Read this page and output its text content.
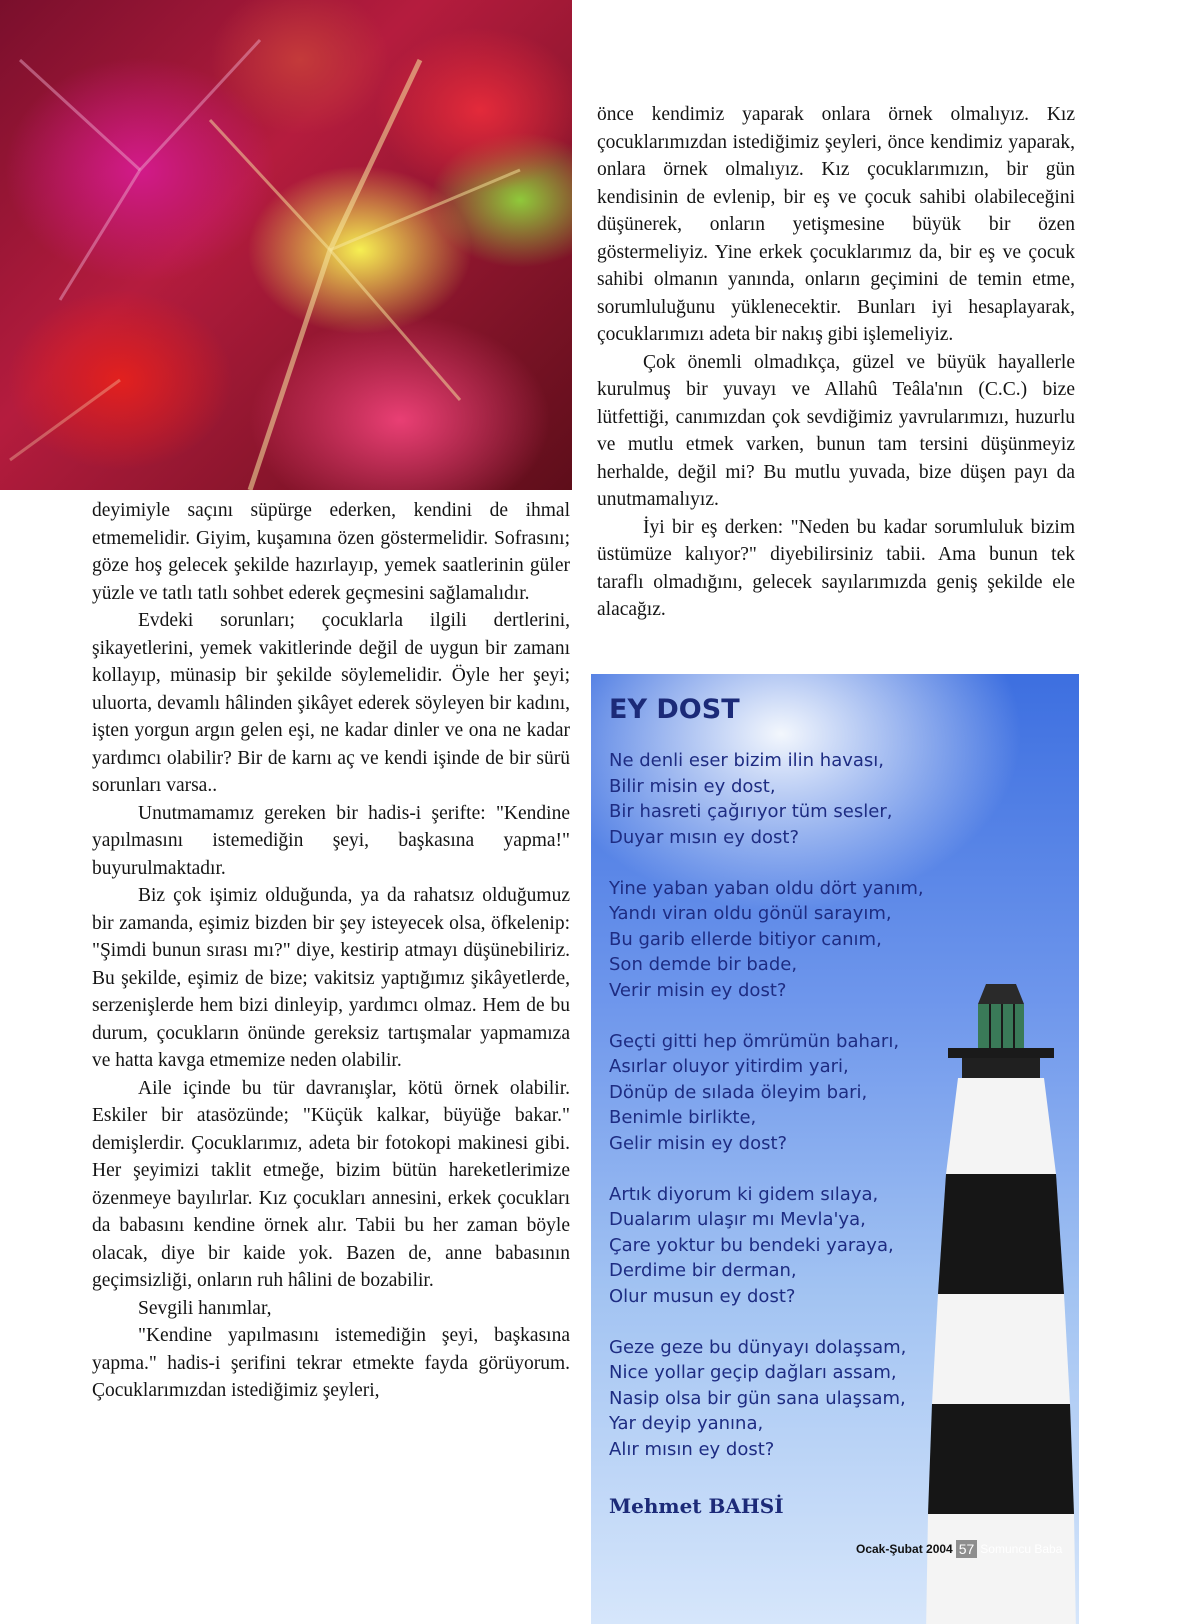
deyimiyle saçını süpürge ederken, kendini de ihmal etmemelidir. Giyim, kuşamına özen göstermelidir. Sofrasını; göze hoş gelecek şekilde hazırlayıp, yemek saatlerinin güler yüzle ve tatlı tatlı sohbet ederek geçmesini sağlamalıdır.

Evdeki sorunları; çocuklarla ilgili dertlerini, şikayetlerini, yemek vakitlerinde değil de uygun bir zamanı kollayıp, münasip bir şekilde söylemelidir. Öyle her şeyi; uluorta, devamlı hâlinden şikâyet ederek söyleyen bir kadını, işten yorgun argın gelen eşi, ne kadar dinler ve ona ne kadar yardımcı olabilir? Bir de karnı aç ve kendi işinde de bir sürü sorunları varsa..

Unutmamamız gereken bir hadis-i şerifte: "Kendine yapılmasını istemediğin şeyi, başkasına yapma!" buyurulmaktadır.

Biz çok işimiz olduğunda, ya da rahatsız olduğumuz bir zamanda, eşimiz bizden bir şey isteyecek olsa, öfkelenip: "Şimdi bunun sırası mı?" diye, kestirip atmayı düşünebiliriz. Bu şekilde, eşimiz de bize; vakitsiz yaptığımız şikâyetlerde, serzenişlerde hem bizi dinleyip, yardımcı olmaz. Hem de bu durum, çocukların önünde gereksiz tartışmalar yapmamıza ve hatta kavga etmemize neden olabilir.

Aile içinde bu tür davranışlar, kötü örnek olabilir. Eskiler bir atasözünde; "Küçük kalkar, büyüğe bakar." demişlerdir. Çocuklarımız, adeta bir fotokopi makinesi gibi. Her şeyimizi taklit etmeğe, bizim bütün hareketlerimize özenmeye bayılırlar. Kız çocukları annesini, erkek çocukları da babasını kendine örnek alır. Tabii bu her zaman böyle olacak, diye bir kaide yok. Bazen de, anne babasının geçimsizliği, onların ruh hâlini de bozabilir.

Sevgili hanımlar,

"Kendine yapılmasını istemediğin şeyi, başkasına yapma." hadis-i şerifini tekrar etmekte fayda görüyorum. Çocuklarımızdan istediğimiz şeyleri,

önce kendimiz yaparak onlara örnek olmalıyız. Kız çocuklarımızdan istediğimiz şeyleri, önce kendimiz yaparak, onlara örnek olmalıyız. Kız çocuklarımızın, bir gün kendisinin de evlenip, bir eş ve çocuk sahibi olabileceğini düşünerek, onların yetişmesine büyük bir özen göstermeliyiz. Yine erkek çocuklarımız da, bir eş ve çocuk sahibi olmanın yanında, onların geçimini de temin etme, sorumluluğunu yüklenecektir. Bunları iyi hesaplayarak, çocuklarımızı adeta bir nakış gibi işlemeliyiz.

Çok önemli olmadıkça, güzel ve büyük hayallerle kurulmuş bir yuvayı ve Allahû Teâla'nın (C.C.) bize lütfettiği, canımızdan çok sevdiğimiz yavrularımızı, huzurlu ve mutlu etmek varken, bunun tam tersini düşünmeyiz herhalde, değil mi? Bu mutlu yuvada, bize düşen payı da unutmamalıyız.

İyi bir eş derken: "Neden bu kadar sorumluluk bizim üstümüze kalıyor?" diyebilirsiniz tabii. Ama bunun tek taraflı olmadığını, gelecek sayılarımızda geniş şekilde ele alacağız.

EY DOST
Ne denli eser bizim ilin havası,
Bilir misin ey dost,
Bir hasreti çağırıyor tüm sesler,
Duyar mısın ey dost?
Yine yaban yaban oldu dört yanım,
Yandı viran oldu gönül sarayım,
Bu garib ellerde bitiyor canım,
Son demde bir bade,
Verir misin ey dost?
Geçti gitti hep ömrümün baharı,
Asırlar oluyor yitirdim yari,
Dönüp de sılada öleyim bari,
Benimle birlikte,
Gelir misin ey dost?
Artık diyorum ki gidem sılaya,
Dualarım ulaşır mı Mevla'ya,
Çare yoktur bu bendeki yaraya,
Derdime bir derman,
Olur musun ey dost?
Geze geze bu dünyayı dolaşsam,
Nice yollar geçip dağları assam,
Nasip olsa bir gün sana ulaşsam,
Yar deyip yanına,
Alır mısın ey dost?
Mehmet BAHSİ
Ocak-Şubat 2004 57 Somuncu Baba
